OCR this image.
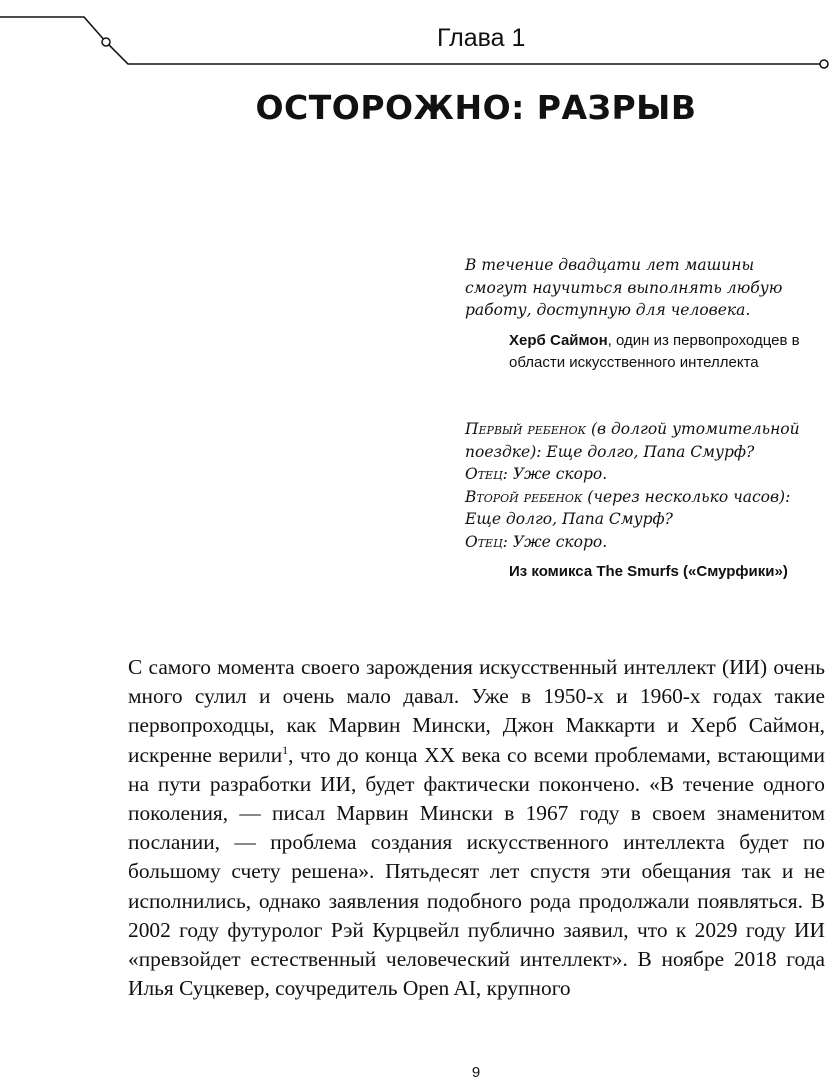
Глава 1
ОСТОРОЖНО: РАЗРЫВ
В течение двадцати лет машины смогут научиться выполнять любую работу, доступную для человека.
Херб Саймон, один из первопроходцев в области искусственного интеллекта
Первый ребенок (в долгой утомительной поездке): Еще долго, Папа Смурф?
Отец: Уже скоро.
Второй ребенок (через несколько часов): Еще долго, Папа Смурф?
Отец: Уже скоро.
Из комикса The Smurfs («Смурфики»)
С самого момента своего зарождения искусственный интеллект (ИИ) очень много сулил и очень мало давал. Уже в 1950-х и 1960-х годах такие первопроходцы, как Марвин Мински, Джон Маккарти и Херб Саймон, искренне верили$^1$, что до конца XX века со всеми проблемами, встающими на пути разработки ИИ, будет фактически покончено. «В течение одного поколения, — писал Марвин Мински в 1967 году в своем знаменитом послании, — проблема создания искусственного интеллекта будет по большому счету решена». Пятьдесят лет спустя эти обещания так и не исполнились, однако заявления подобного рода продолжали появляться. В 2002 году футуролог Рэй Курцвейл публично заявил, что к 2029 году ИИ «превзойдет естественный человеческий интеллект». В ноябре 2018 года Илья Суцкевер, соучредитель Open AI, крупного
9
